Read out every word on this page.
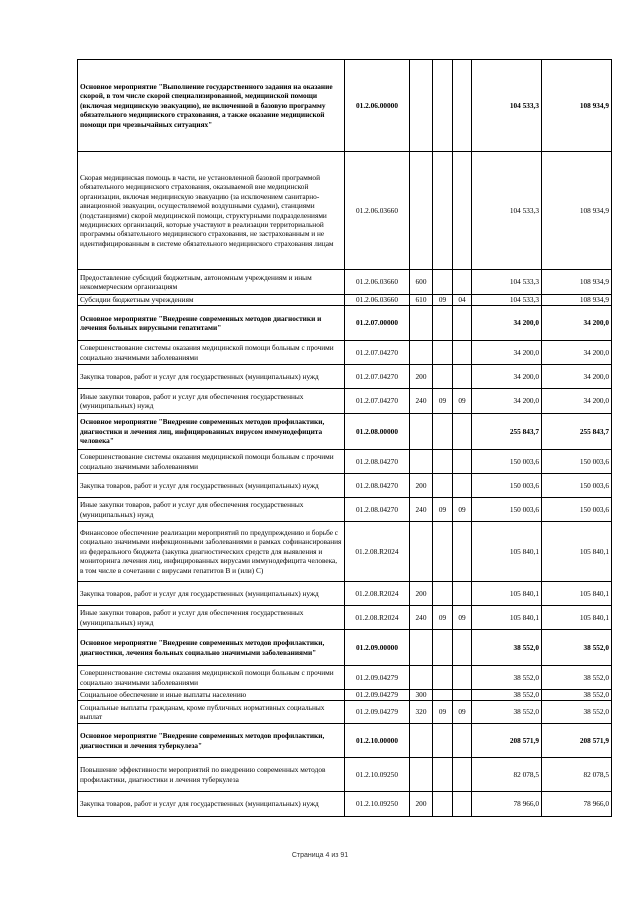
Основное мероприятие "Выполнение государственного задания на оказание скорой, в том числе скорой специализированной, медицинской помощи (включая медицинскую эвакуацию), не включенной в базовую программу обязательного медицинского страхования, а также оказание медицинской помощи при чрезвычайных ситуациях"	01.2.06.00000				104 533,3	108 934,9
Скорая медицинская помощь в части, не установленной базовой программой обязательного медицинского страхования, оказываемой вне медицинской организации, включая медицинскую эвакуацию (за исключением санитарно-авиационной эвакуации, осуществляемой воздушными судами), станциями (подстанциями) скорой медицинской помощи, структурными подразделениями медицинских организаций, которые участвуют в реализации территориальной программы обязательного медицинского страхования, не застрахованным и не идентифицированным в системе обязательного медицинского страхования лицам	01.2.06.03660				104 533,3	108 934,9
Предоставление субсидий бюджетным, автономным учреждениям и иным некоммерческим организациям	01.2.06.03660	600			104 533,3	108 934,9
Субсидии бюджетным учреждениям	01.2.06.03660	610	09	04	104 533,3	108 934,9
Основное мероприятие "Внедрение современных методов диагностики и лечения больных вирусными гепатитами"	01.2.07.00000				34 200,0	34 200,0
Совершенствование системы оказания медицинской помощи больным с прочими социально значимыми заболеваниями	01.2.07.04270				34 200,0	34 200,0
Закупка товаров, работ и услуг для государственных (муниципальных) нужд	01.2.07.04270	200			34 200,0	34 200,0
Иные закупки товаров, работ и услуг для обеспечения государственных (муниципальных) нужд	01.2.07.04270	240	09	09	34 200,0	34 200,0
Основное мероприятие "Внедрение современных методов профилактики, диагностики и лечения лиц, инфицированных вирусом иммунодефицита человека"	01.2.08.00000				255 843,7	255 843,7
Совершенствование системы оказания медицинской помощи больным с прочими социально значимыми заболеваниями	01.2.08.04270				150 003,6	150 003,6
Закупка товаров, работ и услуг для государственных (муниципальных) нужд	01.2.08.04270	200			150 003,6	150 003,6
Иные закупки товаров, работ и услуг для обеспечения государственных (муниципальных) нужд	01.2.08.04270	240	09	09	150 003,6	150 003,6
Финансовое обеспечение реализации мероприятий по предупреждению и борьбе с социально значимыми инфекционными заболеваниями в рамках софинансирования из федерального бюджета (закупка диагностических средств для выявления и мониторинга лечения лиц, инфицированных вирусами иммунодефицита человека, в том числе в сочетании с вирусами гепатитов B и (или) C)	01.2.08.R2024				105 840,1	105 840,1
Закупка товаров, работ и услуг для государственных (муниципальных) нужд	01.2.08.R2024	200			105 840,1	105 840,1
Иные закупки товаров, работ и услуг для обеспечения государственных (муниципальных) нужд	01.2.08.R2024	240	09	09	105 840,1	105 840,1
Основное мероприятие "Внедрение современных методов профилактики, диагностики, лечения больных социально значимыми заболеваниями"	01.2.09.00000				38 552,0	38 552,0
Совершенствование системы оказания медицинской помощи больным с прочими социально значимыми заболеваниями	01.2.09.04279				38 552,0	38 552,0
Социальное обеспечение и иные выплаты населению	01.2.09.04279	300			38 552,0	38 552,0
Социальные выплаты гражданам, кроме публичных нормативных социальных выплат	01.2.09.04279	320	09	09	38 552,0	38 552,0
Основное мероприятие "Внедрение современных методов профилактики, диагностики и лечения туберкулеза"	01.2.10.00000				208 571,9	208 571,9
Повышение эффективности мероприятий по внедрению современных методов профилактики, диагностики и лечения туберкулеза	01.2.10.09250				82 078,5	82 078,5
Закупка товаров, работ и услуг для государственных (муниципальных) нужд	01.2.10.09250	200			78 966,0	78 966,0
Страница 4 из 91
